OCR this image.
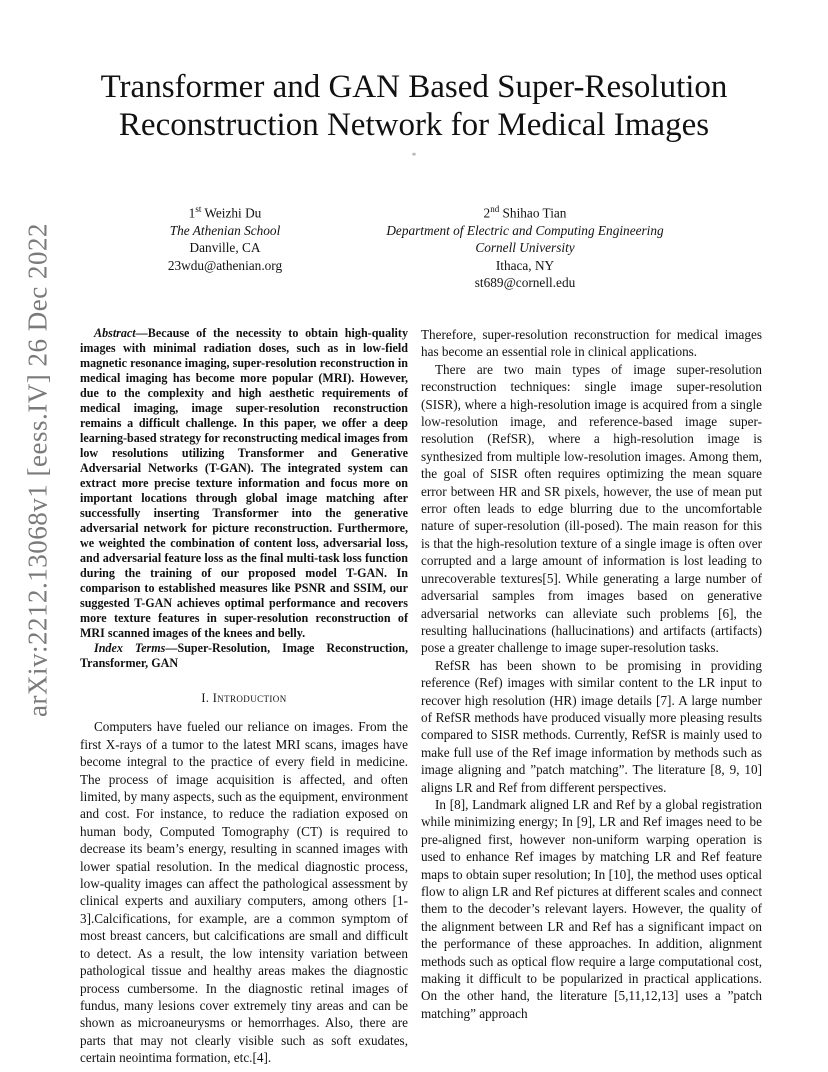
arXiv:2212.13068v1 [eess.IV] 26 Dec 2022
Transformer and GAN Based Super-Resolution
Reconstruction Network for Medical Images
*
1st Weizhi Du
The Athenian School
Danville, CA
23wdu@athenian.org
2nd Shihao Tian
Department of Electric and Computing Engineering
Cornell University
Ithaca, NY
st689@cornell.edu

Abstract—Because of the necessity to obtain high-quality images with minimal radiation doses, such as in low-field magnetic resonance imaging, super-resolution reconstruction in medical imaging has become more popular (MRI). However, due to the complexity and high aesthetic requirements of medical imaging, image super-resolution reconstruction remains a difficult challenge. In this paper, we offer a deep learning-based strategy for reconstructing medical images from low resolutions utilizing Transformer and Generative Adversarial Networks (T-GAN). The integrated system can extract more precise texture information and focus more on important locations through global image matching after successfully inserting Transformer into the generative adversarial network for picture reconstruction. Furthermore, we weighted the combination of content loss, adversarial loss, and adversarial feature loss as the final multi-task loss function during the training of our proposed model T-GAN. In comparison to established measures like PSNR and SSIM, our suggested T-GAN achieves optimal performance and recovers more texture features in super-resolution reconstruction of MRI scanned images of the knees and belly.

Index Terms—Super-Resolution, Image Reconstruction, Transformer, GAN

I. Introduction

Computers have fueled our reliance on images. From the first X-rays of a tumor to the latest MRI scans, images have become integral to the practice of every field in medicine. The process of image acquisition is affected, and often limited, by many aspects, such as the equipment, environment and cost. For instance, to reduce the radiation exposed on human body, Computed Tomography (CT) is required to decrease its beam’s energy, resulting in scanned images with lower spatial resolution. In the medical diagnostic process, low-quality images can affect the pathological assessment by clinical experts and auxiliary computers, among others [1-3].Calcifications, for example, are a common symptom of most breast cancers, but calcifications are small and difficult to detect. As a result, the low intensity variation between pathological tissue and healthy areas makes the diagnostic process cumbersome. In the diagnostic retinal images of fundus, many lesions cover extremely tiny areas and can be shown as microaneurysms or hemorrhages. Also, there are parts that may not clearly visible such as soft exudates, certain neointima formation, etc.[4].

Therefore, super-resolution reconstruction for medical images has become an essential role in clinical applications.

There are two main types of image super-resolution reconstruction techniques: single image super-resolution (SISR), where a high-resolution image is acquired from a single low-resolution image, and reference-based image super-resolution (RefSR), where a high-resolution image is synthesized from multiple low-resolution images. Among them, the goal of SISR often requires optimizing the mean square error between HR and SR pixels, however, the use of mean put error often leads to edge blurring due to the uncomfortable nature of super-resolution (ill-posed). The main reason for this is that the high-resolution texture of a single image is often over corrupted and a large amount of information is lost leading to unrecoverable textures[5]. While generating a large number of adversarial samples from images based on generative adversarial networks can alleviate such problems [6], the resulting hallucinations (hallucinations) and artifacts (artifacts) pose a greater challenge to image super-resolution tasks.

RefSR has been shown to be promising in providing reference (Ref) images with similar content to the LR input to recover high resolution (HR) image details [7]. A large number of RefSR methods have produced visually more pleasing results compared to SISR methods. Currently, RefSR is mainly used to make full use of the Ref image information by methods such as image aligning and ”patch matching”. The literature [8, 9, 10] aligns LR and Ref from different perspectives.

In [8], Landmark aligned LR and Ref by a global registration while minimizing energy; In [9], LR and Ref images need to be pre-aligned first, however non-uniform warping operation is used to enhance Ref images by matching LR and Ref feature maps to obtain super resolution; In [10], the method uses optical flow to align LR and Ref pictures at different scales and connect them to the decoder’s relevant layers. However, the quality of the alignment between LR and Ref has a significant impact on the performance of these approaches. In addition, alignment methods such as optical flow require a large computational cost, making it difficult to be popularized in practical applications. On the other hand, the literature [5,11,12,13] uses a ”patch matching” approach
